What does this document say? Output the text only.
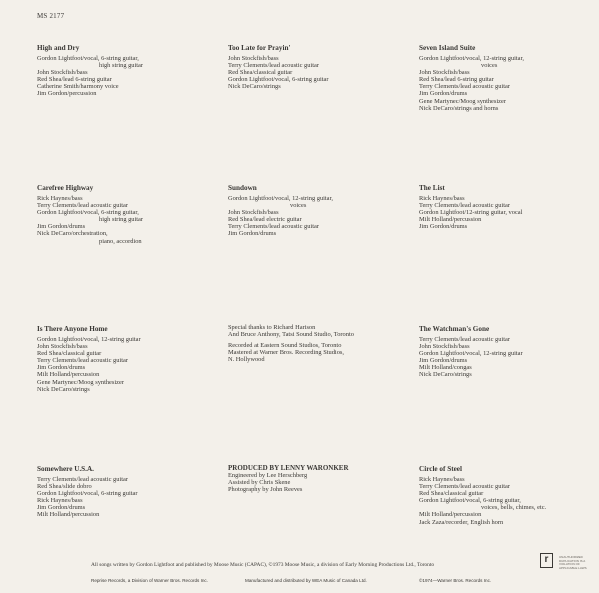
MS 2177
High and Dry
Gordon Lightfoot/vocal, 6-string guitar,
high string guitar
John Stockfish/bass
Red Shea/lead 6-string guitar
Catherine Smith/harmony voice
Jim Gordon/percussion
Too Late for Prayin'
John Stockfish/bass
Terry Clements/lead acoustic guitar
Red Shea/classical guitar
Gordon Lightfoot/vocal, 6-string guitar
Nick DeCaro/strings
Seven Island Suite
Gordon Lightfoot/vocal, 12-string guitar,
voices
John Stockfish/bass
Red Shea/lead 6-string guitar
Terry Clements/lead acoustic guitar
Jim Gordon/drums
Gene Martynec/Moog synthesizer
Nick DeCaro/strings and horns
Carefree Highway
Rick Haynes/bass
Terry Clements/lead acoustic guitar
Gordon Lightfoot/vocal, 6-string guitar,
high string guitar
Jim Gordon/drums
Nick DeCaro/orchestration,
piano, accordion
Sundown
Gordon Lightfoot/vocal, 12-string guitar,
voices
John Stockfish/bass
Red Shea/lead electric guitar
Terry Clements/lead acoustic guitar
Jim Gordon/drums
The List
Rick Haynes/bass
Terry Clements/lead acoustic guitar
Gordon Lightfoot/12-string guitar, vocal
Milt Holland/percussion
Jim Gordon/drums
Is There Anyone Home
Gordon Lightfoot/vocal, 12-string guitar
John Stockfish/bass
Red Shea/classical guitar
Terry Clements/lead acoustic guitar
Jim Gordon/drums
Milt Holland/percussion
Gene Martynec/Moog synthesizer
Nick DeCaro/strings
Special thanks to Richard Harison
And Bruce Anthony, Tatsi Sound Studio, Toronto
Recorded at Eastern Sound Studios, Toronto
Mastered at Warner Bros. Recording Studios,
N. Hollywood
The Watchman's Gone
Terry Clements/lead acoustic guitar
John Stockfish/bass
Gordon Lightfoot/vocal, 12-string guitar
Jim Gordon/drums
Milt Holland/congas
Nick DeCaro/strings
Somewhere U.S.A.
Terry Clements/lead acoustic guitar
Red Shea/slide dobro
Gordon Lightfoot/vocal, 6-string guitar
Rick Haynes/bass
Jim Gordon/drums
Milt Holland/percussion
PRODUCED BY LENNY WARONKER
Engineered by Lee Herschberg
Assisted by Chris Skene
Photography by John Reeves
Circle of Steel
Rick Haynes/bass
Terry Clements/lead acoustic guitar
Red Shea/classical guitar
Gordon Lightfoot/vocal, 6-string guitar,
voices, bells, chimes, etc.
Milt Holland/percussion
Jack Zaza/recorder, English horn
All songs written by Gordon Lightfoot and published by Moose Music (CAPAC), ©1973 Moose Music, a division of Early Morning Productions Ltd., Toronto
Reprise Records, a Division of Warner Bros. Records Inc.	Manufactured and distributed by WEA Music of Canada Ltd.	©1974—Warner Bros. Records Inc.
r	UNAUTHORIZED DUPLICATION IS A VIOLATION OF APPLICABLE LAWS
